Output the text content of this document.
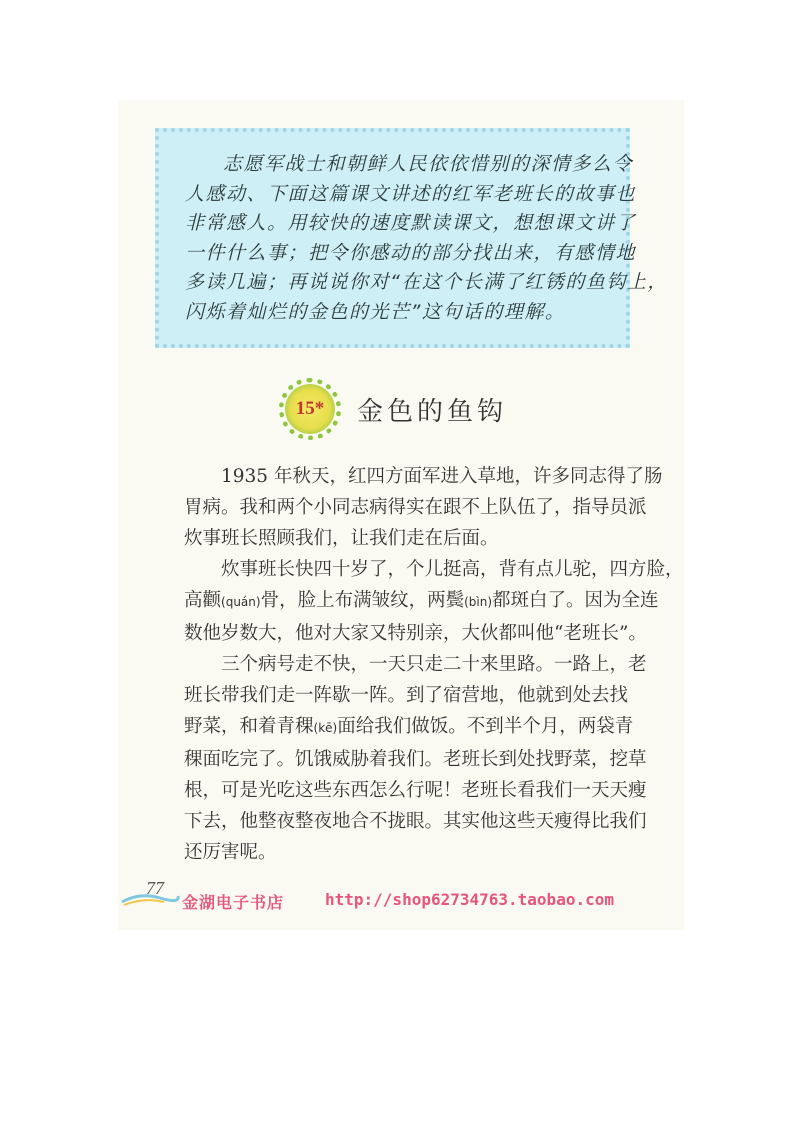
志愿军战士和朝鲜人民依依惜别的深情多么令

人感动、下面这篇课文讲述的红军老班长的故事也

非常感人。用较快的速度默读课文，想想课文讲了

一件什么事；把令你感动的部分找出来，有感情地

多读几遍；再说说你对“在这个长满了红锈的鱼钩上，

闪烁着灿烂的金色的光芒”这句话的理解。

15* 金色的鱼钩

1935 年秋天，红四方面军进入草地，许多同志得了肠

胃病。我和两个小同志病得实在跟不上队伍了，指导员派

炊事班长照顾我们，让我们走在后面。

炊事班长快四十岁了，个儿挺高，背有点儿驼，四方脸，

高颧(quán)骨，脸上布满皱纹，两鬓(bìn)都斑白了。因为全连

数他岁数大，他对大家又特别亲，大伙都叫他“老班长”。

三个病号走不快，一天只走二十来里路。一路上，老

班长带我们走一阵歇一阵。到了宿营地，他就到处去找

野菜，和着青稞(kē)面给我们做饭。不到半个月，两袋青

稞面吃完了。饥饿威胁着我们。老班长到处找野菜，挖草

根，可是光吃这些东西怎么行呢！老班长看我们一天天瘦

下去，他整夜整夜地合不拢眼。其实他这些天瘦得比我们

还厉害呢。

77
金湖电子书店	http://shop62734763.taobao.com
